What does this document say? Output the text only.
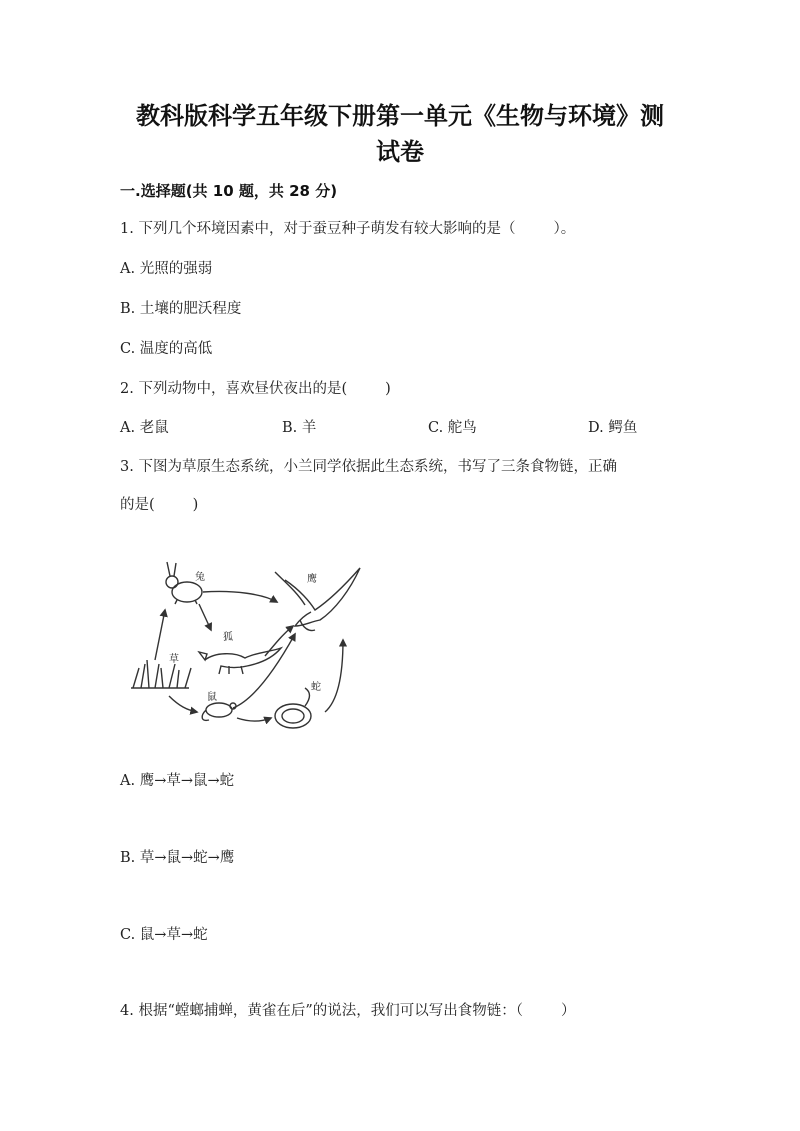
教科版科学五年级下册第一单元《生物与环境》测
试卷
一.选择题(共 10 题，共 28 分)
1. 下列几个环境因素中，对于蚕豆种子萌发有较大影响的是（	）。
A. 光照的强弱
B. 土壤的肥沃程度
C. 温度的高低
2. 下列动物中，喜欢昼伏夜出的是(	)
A. 老鼠	B. 羊	C. 舵鸟	D. 鳄鱼
3. 下图为草原生态系统，小兰同学依据此生态系统，书写了三条食物链，正确
的是(	)
兔	鹰
狐
草
鼠
蛇
A. 鹰→草→鼠→蛇
B. 草→鼠→蛇→鹰
C. 鼠→草→蛇
4. 根据“螳螂捕蝉，黄雀在后”的说法，我们可以写出食物链：（	）
